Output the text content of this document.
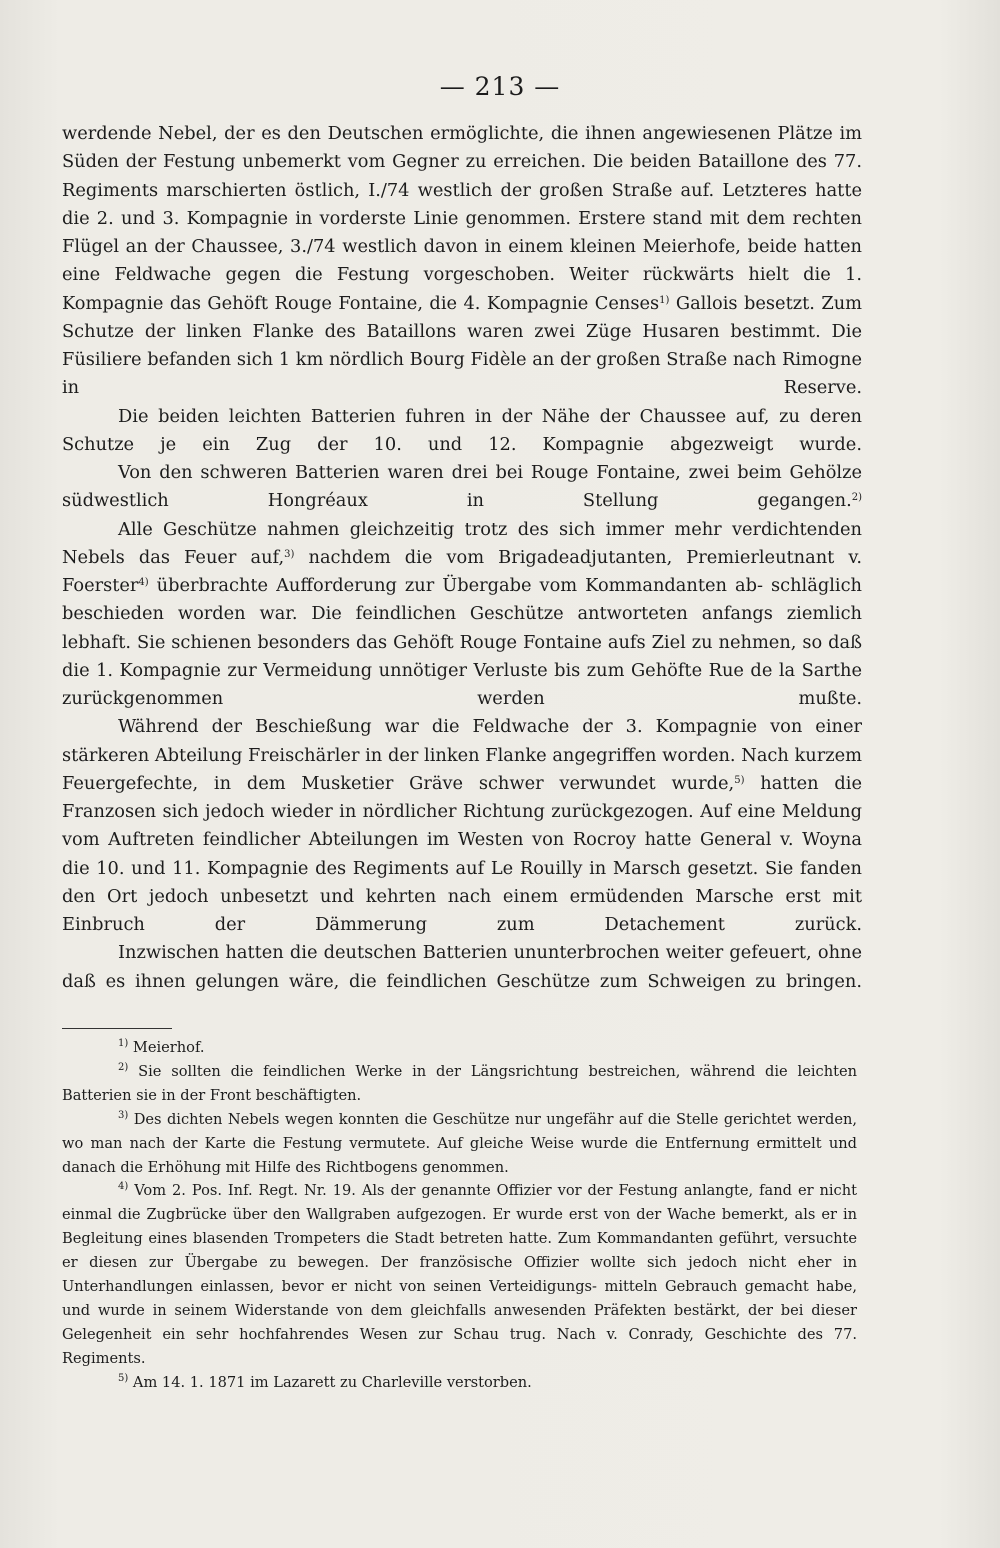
— 213 —

werdende Nebel, der es den Deutschen ermöglichte, die ihnen angewiesenen Plätze im Süden der Festung unbemerkt vom Gegner zu erreichen. Die beiden Bataillone des 77. Regiments marschierten östlich, I./74 westlich der großen Straße auf. Letzteres hatte die 2. und 3. Kompagnie in vorderste Linie genommen. Erstere stand mit dem rechten Flügel an der Chaussee, 3./74 westlich davon in einem kleinen Meierhofe, beide hatten eine Feldwache gegen die Festung vorgeschoben. Weiter rückwärts hielt die 1. Kompagnie das Gehöft Rouge Fontaine, die 4. Kompagnie Censes$^{1)}$ Gallois besetzt. Zum Schutze der linken Flanke des Bataillons waren zwei Züge Husaren bestimmt. Die Füsiliere befanden sich 1 km nördlich Bourg Fidèle an der großen Straße nach Rimogne in Reserve.

Die beiden leichten Batterien fuhren in der Nähe der Chaussee auf, zu deren Schutze je ein Zug der 10. und 12. Kompagnie abgezweigt wurde.

Von den schweren Batterien waren drei bei Rouge Fontaine, zwei beim Gehölze südwestlich Hongréaux in Stellung gegangen.$^{2)}$

Alle Geschütze nahmen gleichzeitig trotz des sich immer mehr verdichtenden Nebels das Feuer auf,$^{3)}$ nachdem die vom Brigadeadjutanten, Premierleutnant v. Foerster$^{4)}$ überbrachte Aufforderung zur Übergabe vom Kommandanten ab- schläglich beschieden worden war. Die feindlichen Geschütze antworteten anfangs ziemlich lebhaft. Sie schienen besonders das Gehöft Rouge Fontaine aufs Ziel zu nehmen, so daß die 1. Kompagnie zur Vermeidung unnötiger Verluste bis zum Gehöfte Rue de la Sarthe zurückgenommen werden mußte.

Während der Beschießung war die Feldwache der 3. Kompagnie von einer stärkeren Abteilung Freischärler in der linken Flanke angegriffen worden. Nach kurzem Feuergefechte, in dem Musketier Gräve schwer verwundet wurde,$^{5)}$ hatten die Franzosen sich jedoch wieder in nördlicher Richtung zurückgezogen. Auf eine Meldung vom Auftreten feindlicher Abteilungen im Westen von Rocroy hatte General v. Woyna die 10. und 11. Kompagnie des Regiments auf Le Rouilly in Marsch gesetzt. Sie fanden den Ort jedoch unbesetzt und kehrten nach einem ermüdenden Marsche erst mit Einbruch der Dämmerung zum Detachement zurück.

Inzwischen hatten die deutschen Batterien ununterbrochen weiter gefeuert, ohne daß es ihnen gelungen wäre, die feindlichen Geschütze zum Schweigen zu bringen.

$^{1)}$ Meierhof.

$^{2)}$ Sie sollten die feindlichen Werke in der Längsrichtung bestreichen, während die leichten Batterien sie in der Front beschäftigten.

$^{3)}$ Des dichten Nebels wegen konnten die Geschütze nur ungefähr auf die Stelle gerichtet werden, wo man nach der Karte die Festung vermutete. Auf gleiche Weise wurde die Entfernung ermittelt und danach die Erhöhung mit Hilfe des Richtbogens genommen.

$^{4)}$ Vom 2. Pos. Inf. Regt. Nr. 19. Als der genannte Offizier vor der Festung anlangte, fand er nicht einmal die Zugbrücke über den Wallgraben aufgezogen. Er wurde erst von der Wache bemerkt, als er in Begleitung eines blasenden Trompeters die Stadt betreten hatte. Zum Kommandanten geführt, versuchte er diesen zur Übergabe zu bewegen. Der französische Offizier wollte sich jedoch nicht eher in Unterhandlungen einlassen, bevor er nicht von seinen Verteidigungs- mitteln Gebrauch gemacht habe, und wurde in seinem Widerstande von dem gleichfalls anwesenden Präfekten bestärkt, der bei dieser Gelegenheit ein sehr hochfahrendes Wesen zur Schau trug. Nach v. Conrady, Geschichte des 77. Regiments.

$^{5)}$ Am 14. 1. 1871 im Lazarett zu Charleville verstorben.
